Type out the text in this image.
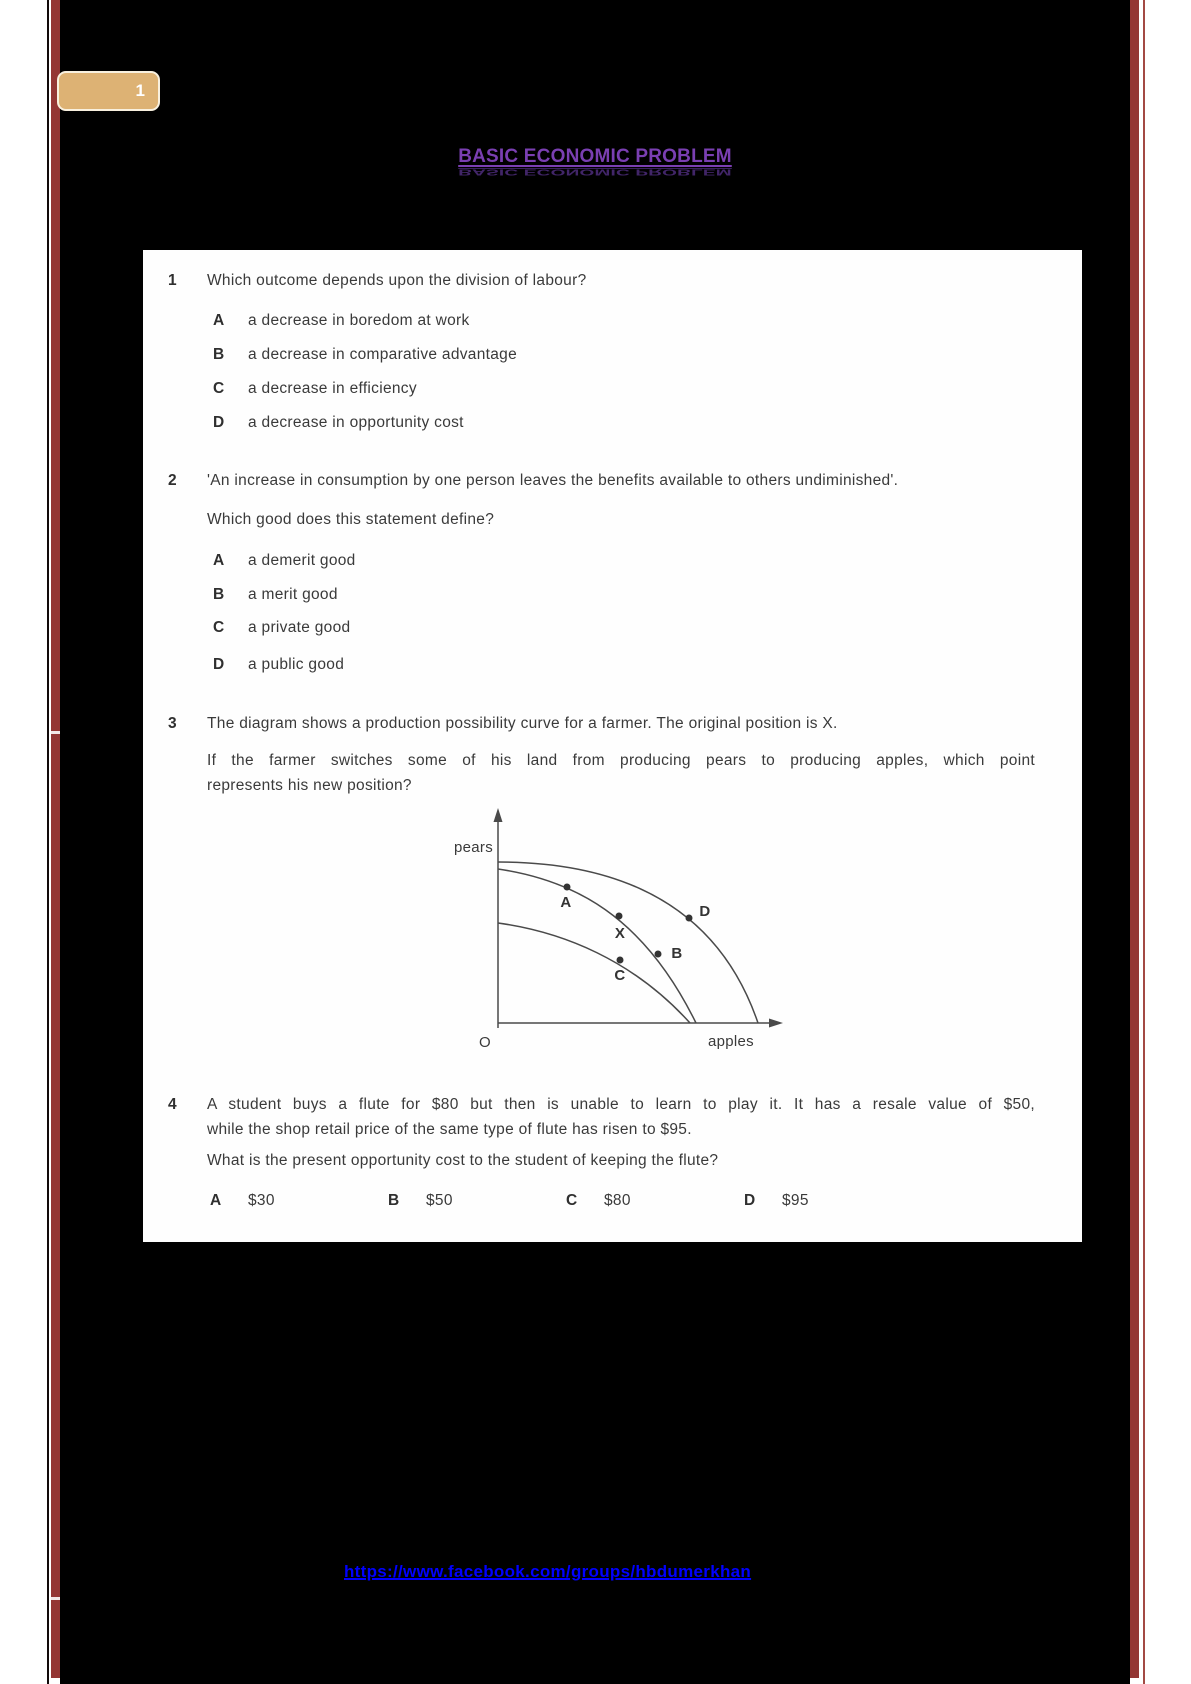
1
BASIC ECONOMIC PROBLEM
BASIC ECONOMIC PROBLEM
1 Which outcome depends upon the division of labour?
A a decrease in boredom at work
B a decrease in comparative advantage
C a decrease in efficiency
D a decrease in opportunity cost
2 'An increase in consumption by one person leaves the benefits available to others undiminished'.
Which good does this statement define?
A a demerit good
B a merit good
C a private good
D a public good
3 The diagram shows a production possibility curve for a farmer. The original position is X.
If the farmer switches some of his land from producing pears to producing apples, which point
represents his new position?
pears
apples
O
A
X
B
C
D
4 A student buys a flute for $80 but then is unable to learn to play it. It has a resale value of $50,
while the shop retail price of the same type of flute has risen to $95.
What is the present opportunity cost to the student of keeping the flute?
A $30	B $50	C $80	D $95
https://www.facebook.com/groups/hbdumerkhan
